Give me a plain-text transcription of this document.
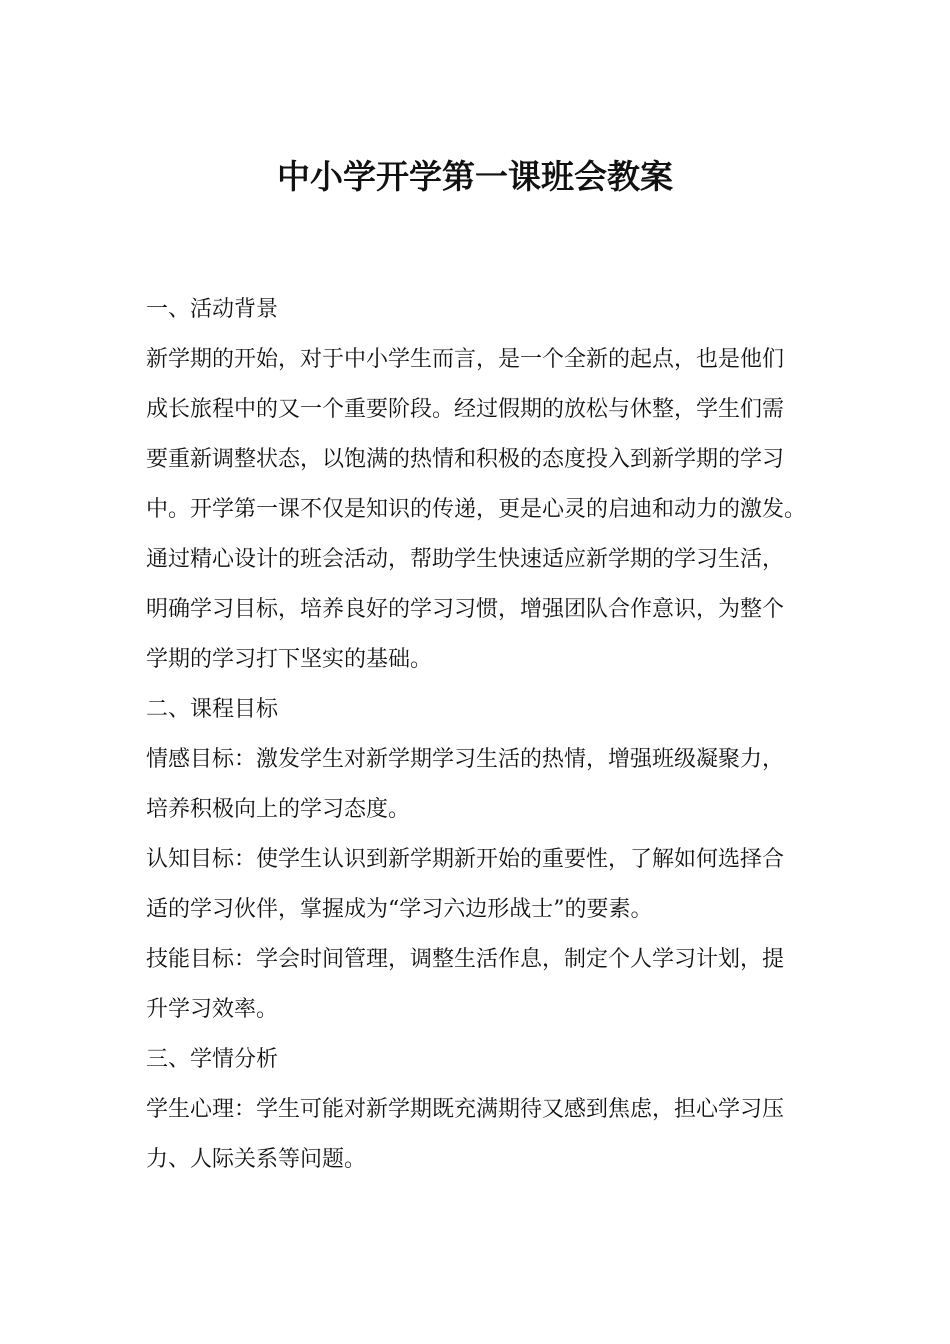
中小学开学第一课班会教案

一、活动背景

新学期的开始，对于中小学生而言，是一个全新的起点，也是他们

成长旅程中的又一个重要阶段。经过假期的放松与休整，学生们需

要重新调整状态，以饱满的热情和积极的态度投入到新学期的学习

中。开学第一课不仅是知识的传递，更是心灵的启迪和动力的激发。

通过精心设计的班会活动，帮助学生快速适应新学期的学习生活，

明确学习目标，培养良好的学习习惯，增强团队合作意识，为整个

学期的学习打下坚实的基础。

二、课程目标

情感目标：激发学生对新学期学习生活的热情，增强班级凝聚力，

培养积极向上的学习态度。

认知目标：使学生认识到新学期新开始的重要性，了解如何选择合

适的学习伙伴，掌握成为“学习六边形战士”的要素。

技能目标：学会时间管理，调整生活作息，制定个人学习计划，提

升学习效率。

三、学情分析

学生心理：学生可能对新学期既充满期待又感到焦虑，担心学习压

力、人际关系等问题。
